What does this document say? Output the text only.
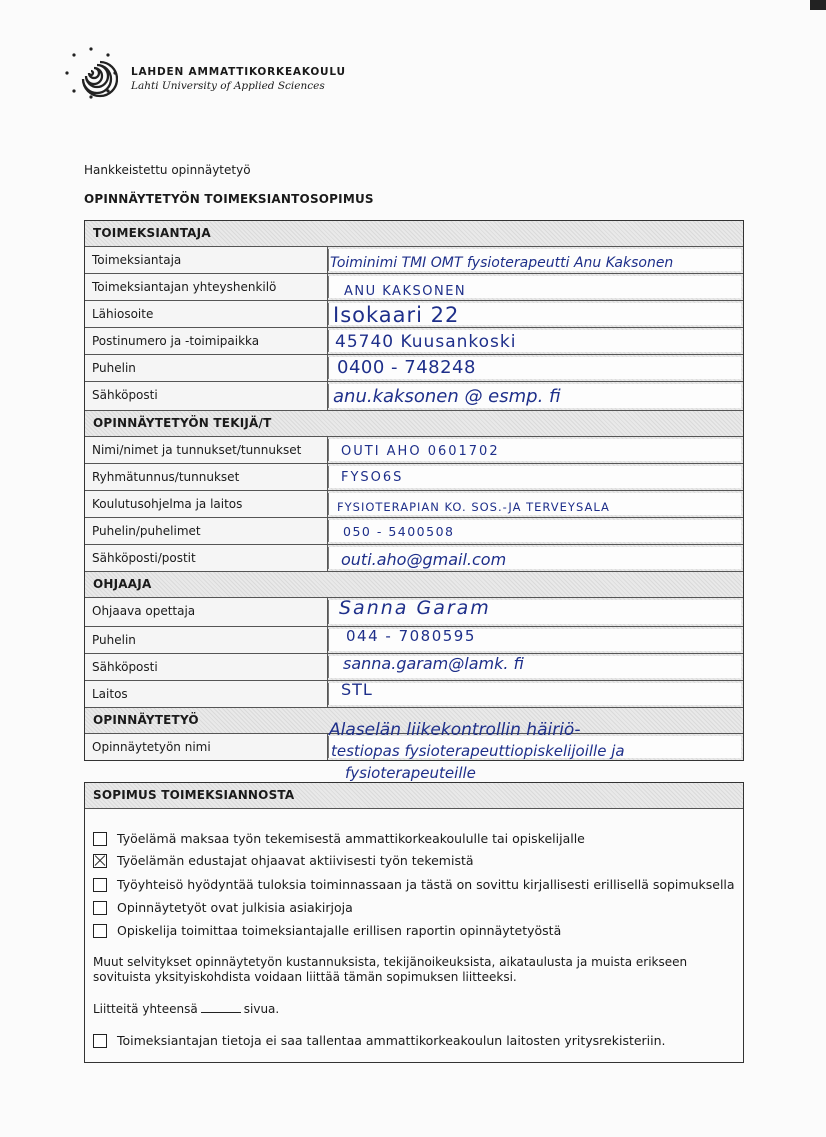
LAHDEN AMMATTIKORKEAKOULU
Lahti University of Applied Sciences
Hankkeistettu opinnäytetyö
OPINNÄYTETYÖN TOIMEKSIANTOSOPIMUS
TOIMEKSIANTAJA
Toimeksiantaja
Toimeksiantajan yhteyshenkilö
Lähiosoite
Postinumero ja -toimipaikka
Puhelin
Sähköposti
OPINNÄYTETYÖN TEKIJÄ/T
Nimi/nimet ja tunnukset/tunnukset
Ryhmätunnus/tunnukset
Koulutusohjelma ja laitos
Puhelin/puhelimet
Sähköposti/postit
OHJAAJA
Ohjaava opettaja
Puhelin
Sähköposti
Laitos
OPINNÄYTETYÖ
Opinnäytetyön nimi
Toiminimi TMI OMT fysioterapeutti Anu Kaksonen
ANU KAKSONEN
Isokaari 22
45740 Kuusankoski
0400 - 748248
anu.kaksonen @ esmp. fi
OUTI AHO 0601702
FYSO6S
FYSIOTERAPIAN KO. SOS.-JA TERVEYSALA
050 - 5400508
outi.aho@gmail.com
Sanna Garam
044 - 7080595
sanna.garam@lamk. fi
STL
Alaselän liikekontrollin häiriö-
testiopas fysioterapeuttiopiskelijoille ja
fysioterapeuteille
SOPIMUS TOIMEKSIANNOSTA
Työelämä maksaa työn tekemisestä ammattikorkeakoululle tai opiskelijalle
Työelämän edustajat ohjaavat aktiivisesti työn tekemistä
Työyhteisö hyödyntää tuloksia toiminnassaan ja tästä on sovittu kirjallisesti erillisellä sopimuksella
Opinnäytetyöt ovat julkisia asiakirjoja
Opiskelija toimittaa toimeksiantajalle erillisen raportin opinnäytetyöstä
Muut selvitykset opinnäytetyön kustannuksista, tekijänoikeuksista, aikataulusta ja muista erikseen
sovituista yksityiskohdista voidaan liittää tämän sopimuksen liitteeksi.
Liitteitä yhteensä	sivua.
Toimeksiantajan tietoja ei saa tallentaa ammattikorkeakoulun laitosten yritysrekisteriin.
